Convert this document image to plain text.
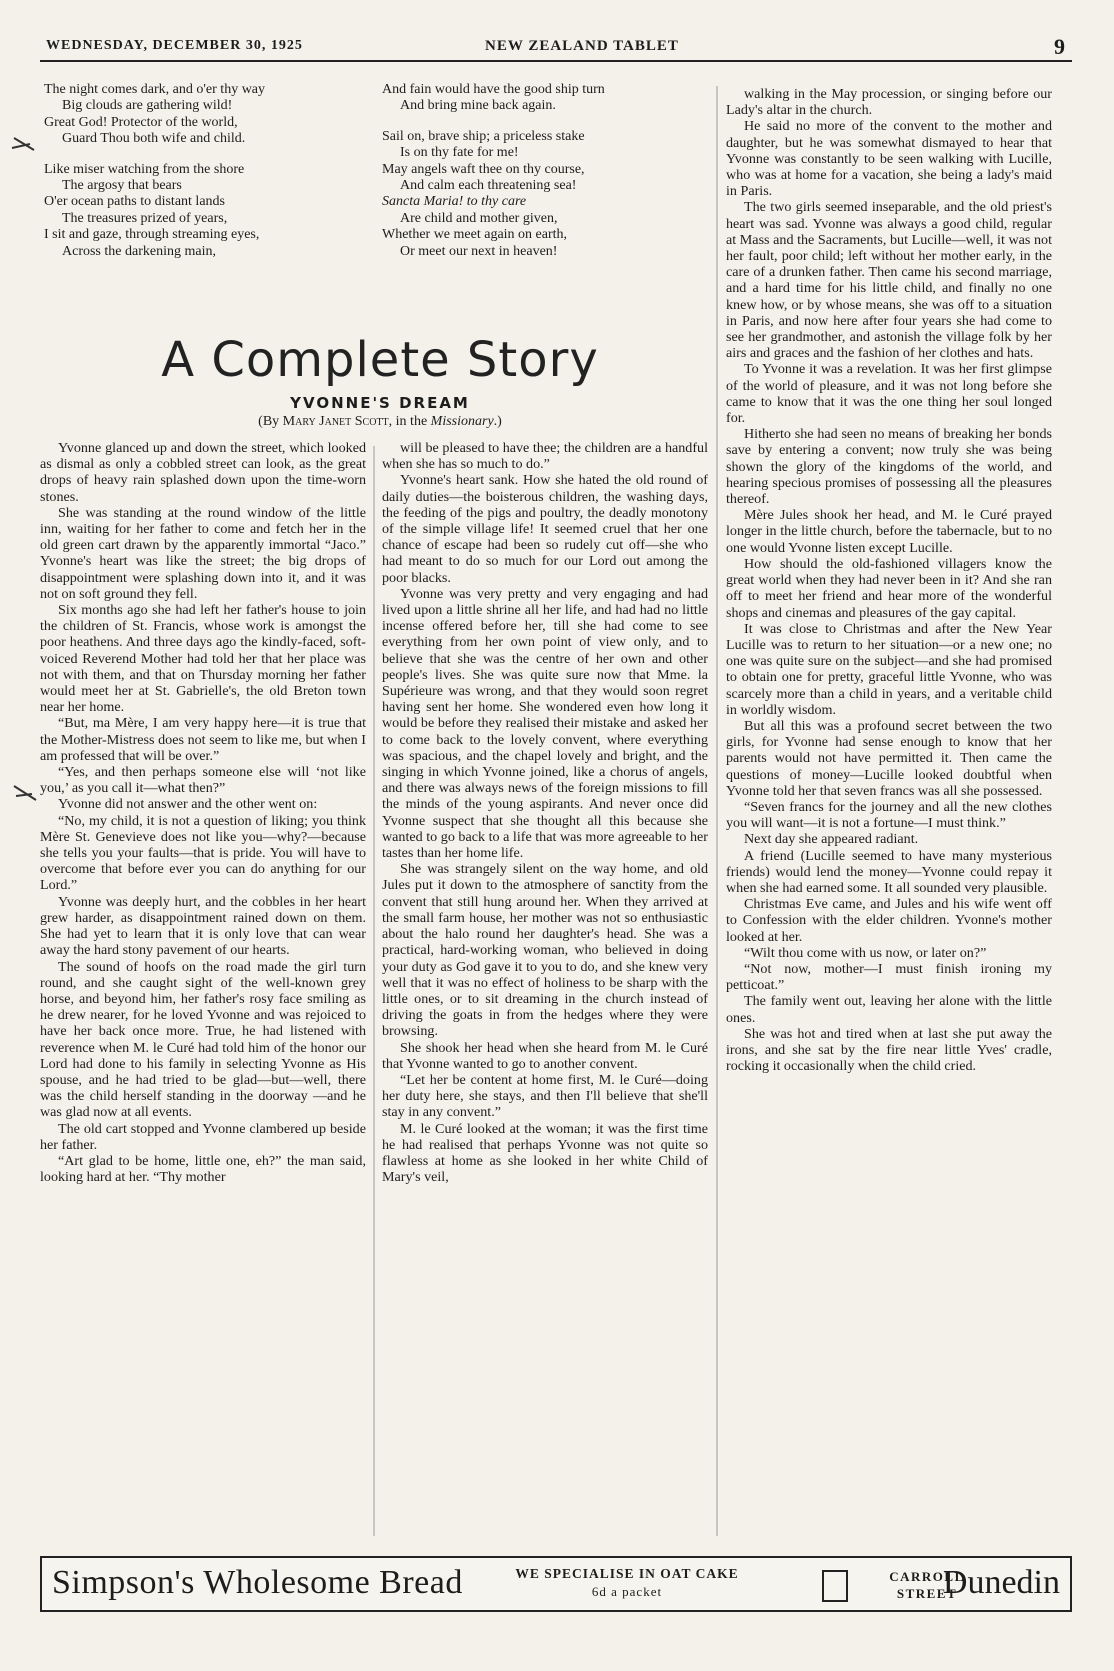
WEDNESDAY, DECEMBER 30, 1925	NEW ZEALAND TABLET	9
The night comes dark, and o'er thy way
Big clouds are gathering wild!
Great God! Protector of the world,
Guard Thou both wife and child.
Like miser watching from the shore
The argosy that bears
O'er ocean paths to distant lands
The treasures prized of years,
I sit and gaze, through streaming eyes,
Across the darkening main,
And fain would have the good ship turn
And bring mine back again.
Sail on, brave ship; a priceless stake
Is on thy fate for me!
May angels waft thee on thy course,
And calm each threatening sea!
Sancta Maria! to thy care
Are child and mother given,
Whether we meet again on earth,
Or meet our next in heaven!
A Complete Story
YVONNE'S DREAM
(By Mary Janet Scott, in the Missionary.)

Yvonne glanced up and down the street, which looked as dismal as only a cobbled street can look, as the great drops of heavy rain splashed down upon the time-worn stones.

She was standing at the round window of the little inn, waiting for her father to come and fetch her in the old green cart drawn by the apparently immortal “Jaco.” Yvonne's heart was like the street; the big drops of disappointment were splashing down into it, and it was not on soft ground they fell.

Six months ago she had left her father's house to join the children of St. Francis, whose work is amongst the poor heathens. And three days ago the kindly-faced, soft-voiced Reverend Mother had told her that her place was not with them, and that on Thursday morning her father would meet her at St. Gabrielle's, the old Breton town near her home.

“But, ma Mère, I am very happy here—it is true that the Mother-Mistress does not seem to like me, but when I am professed that will be over.”

“Yes, and then perhaps someone else will ‘not like you,’ as you call it—what then?”

Yvonne did not answer and the other went on:

“No, my child, it is not a question of liking; you think Mère St. Genevieve does not like you—why?—because she tells you your faults—that is pride. You will have to overcome that before ever you can do anything for our Lord.”

Yvonne was deeply hurt, and the cobbles in her heart grew harder, as disappointment rained down on them. She had yet to learn that it is only love that can wear away the hard stony pavement of our hearts.

The sound of hoofs on the road made the girl turn round, and she caught sight of the well-known grey horse, and beyond him, her father's rosy face smiling as he drew nearer, for he loved Yvonne and was rejoiced to have her back once more. True, he had listened with reverence when M. le Curé had told him of the honor our Lord had done to his family in selecting Yvonne as His spouse, and he had tried to be glad—but—well, there was the child herself standing in the doorway —and he was glad now at all events.

The old cart stopped and Yvonne clambered up beside her father.

“Art glad to be home, little one, eh?” the man said, looking hard at her. “Thy mother

will be pleased to have thee; the children are a handful when she has so much to do.”

Yvonne's heart sank. How she hated the old round of daily duties—the boisterous children, the washing days, the feeding of the pigs and poultry, the deadly monotony of the simple village life! It seemed cruel that her one chance of escape had been so rudely cut off—she who had meant to do so much for our Lord out among the poor blacks.

Yvonne was very pretty and very engaging and had lived upon a little shrine all her life, and had had no little incense offered before her, till she had come to see everything from her own point of view only, and to believe that she was the centre of her own and other people's lives. She was quite sure now that Mme. la Supérieure was wrong, and that they would soon regret having sent her home. She wondered even how long it would be before they realised their mistake and asked her to come back to the lovely convent, where everything was spacious, and the chapel lovely and bright, and the singing in which Yvonne joined, like a chorus of angels, and there was always news of the foreign missions to fill the minds of the young aspirants. And never once did Yvonne suspect that she thought all this because she wanted to go back to a life that was more agreeable to her tastes than her home life.

She was strangely silent on the way home, and old Jules put it down to the atmosphere of sanctity from the convent that still hung around her. When they arrived at the small farm house, her mother was not so enthusiastic about the halo round her daughter's head. She was a practical, hard-working woman, who believed in doing your duty as God gave it to you to do, and she knew very well that it was no effect of holiness to be sharp with the little ones, or to sit dreaming in the church instead of driving the goats in from the hedges where they were browsing.

She shook her head when she heard from M. le Curé that Yvonne wanted to go to another convent.

“Let her be content at home first, M. le Curé—doing her duty here, she stays, and then I'll believe that she'll stay in any convent.”

M. le Curé looked at the woman; it was the first time he had realised that perhaps Yvonne was not quite so flawless at home as she looked in her white Child of Mary's veil,

walking in the May procession, or singing before our Lady's altar in the church.

He said no more of the convent to the mother and daughter, but he was somewhat dismayed to hear that Yvonne was constantly to be seen walking with Lucille, who was at home for a vacation, she being a lady's maid in Paris.

The two girls seemed inseparable, and the old priest's heart was sad. Yvonne was always a good child, regular at Mass and the Sacraments, but Lucille—well, it was not her fault, poor child; left without her mother early, in the care of a drunken father. Then came his second marriage, and a hard time for his little child, and finally no one knew how, or by whose means, she was off to a situation in Paris, and now here after four years she had come to see her grandmother, and astonish the village folk by her airs and graces and the fashion of her clothes and hats.

To Yvonne it was a revelation. It was her first glimpse of the world of pleasure, and it was not long before she came to know that it was the one thing her soul longed for.

Hitherto she had seen no means of breaking her bonds save by entering a convent; now truly she was being shown the glory of the kingdoms of the world, and hearing specious promises of possessing all the pleasures thereof.

Mère Jules shook her head, and M. le Curé prayed longer in the little church, before the tabernacle, but to no one would Yvonne listen except Lucille.

How should the old-fashioned villagers know the great world when they had never been in it? And she ran off to meet her friend and hear more of the wonderful shops and cinemas and pleasures of the gay capital.

It was close to Christmas and after the New Year Lucille was to return to her situation—or a new one; no one was quite sure on the subject—and she had promised to obtain one for pretty, graceful little Yvonne, who was scarcely more than a child in years, and a veritable child in worldly wisdom.

But all this was a profound secret between the two girls, for Yvonne had sense enough to know that her parents would not have permitted it. Then came the questions of money—Lucille looked doubtful when Yvonne told her that seven francs was all she possessed.

“Seven francs for the journey and all the new clothes you will want—it is not a fortune—I must think.”

Next day she appeared radiant.

A friend (Lucille seemed to have many mysterious friends) would lend the money—Yvonne could repay it when she had earned some. It all sounded very plausible.

Christmas Eve came, and Jules and his wife went off to Confession with the elder children. Yvonne's mother looked at her.

“Wilt thou come with us now, or later on?”

“Not now, mother—I must finish ironing my petticoat.”

The family went out, leaving her alone with the little ones.

She was hot and tired when at last she put away the irons, and she sat by the fire near little Yves' cradle, rocking it occasionally when the child cried.

Simpson's Wholesome Bread	WE SPECIALISE IN OAT CAKE
6d a packet
CARROLL
STREET
Dunedin
